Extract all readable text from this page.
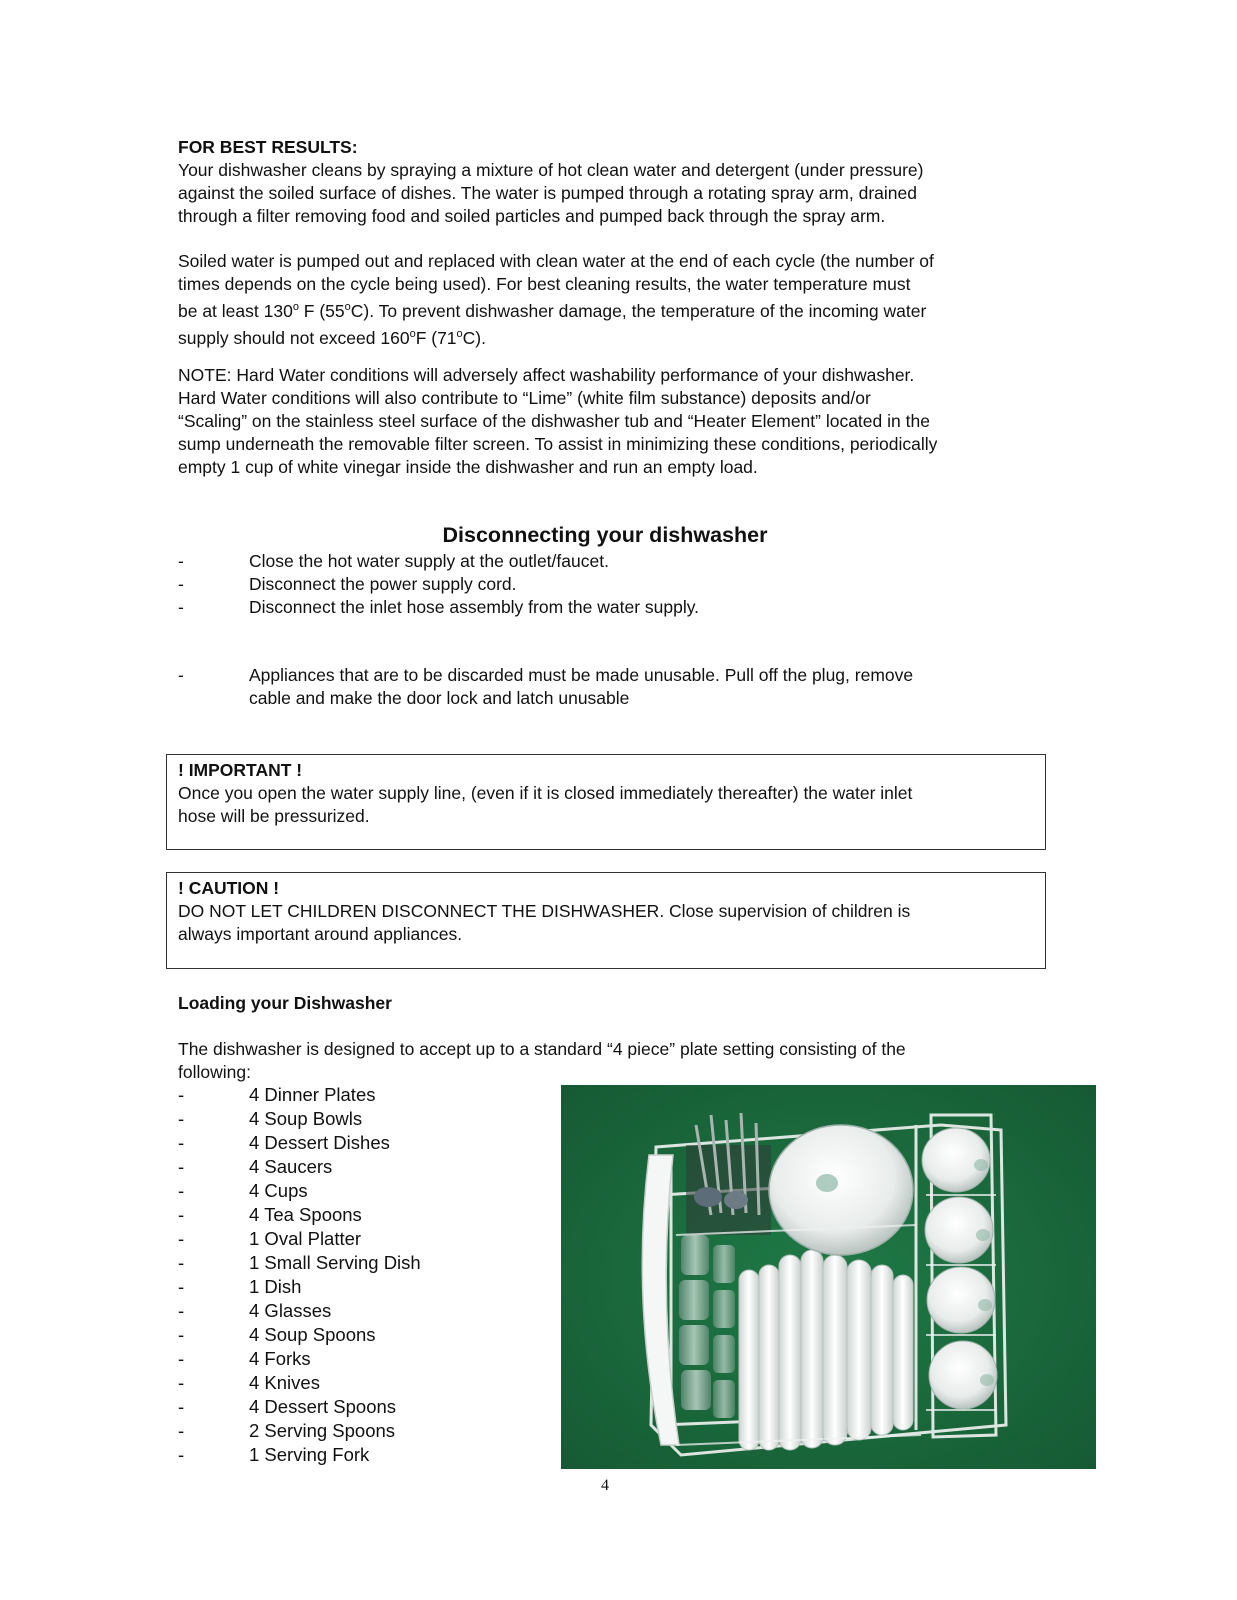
FOR BEST RESULTS:
Your dishwasher cleans by spraying a mixture of hot clean water and detergent (under pressure)
against the soiled surface of dishes. The water is pumped through a rotating spray arm, drained
through a filter removing food and soiled particles and pumped back through the spray arm.
Soiled water is pumped out and replaced with clean water at the end of each cycle (the number of
times depends on the cycle being used). For best cleaning results, the water temperature must
be at least 130$^o$ F (55$^o$C). To prevent dishwasher damage, the temperature of the incoming water
supply should not exceed 160$^o$F (71$^o$C).
NOTE: Hard Water conditions will adversely affect washability performance of your dishwasher.
Hard Water conditions will also contribute to “Lime” (white film substance) deposits and/or
“Scaling” on the stainless steel surface of the dishwasher tub and “Heater Element” located in the
sump underneath the removable filter screen. To assist in minimizing these conditions, periodically
empty 1 cup of white vinegar inside the dishwasher and run an empty load.
Disconnecting your dishwasher
-	Close the hot water supply at the outlet/faucet.
-	Disconnect the power supply cord.
-	Disconnect the inlet hose assembly from the water supply.
-	Appliances that are to be discarded must be made unusable. Pull off the plug, remove
cable and make the door lock and latch unusable
! IMPORTANT !
Once you open the water supply line, (even if it is closed immediately thereafter) the water inlet
hose will be pressurized.
! CAUTION !
DO NOT LET CHILDREN DISCONNECT THE DISHWASHER. Close supervision of children is
always important around appliances.
Loading your Dishwasher
The dishwasher is designed to accept up to a standard “4 piece” plate setting consisting of the
following:
-	4 Dinner Plates
-	4 Soup Bowls
-	4 Dessert Dishes
-	4 Saucers
-	4 Cups
-	4 Tea Spoons
-	1 Oval Platter
-	1 Small Serving Dish
-	1 Dish
-	4 Glasses
-	4 Soup Spoons
-	4 Forks
-	4 Knives
-	4 Dessert Spoons
-	2 Serving Spoons
-	1 Serving Fork
4
